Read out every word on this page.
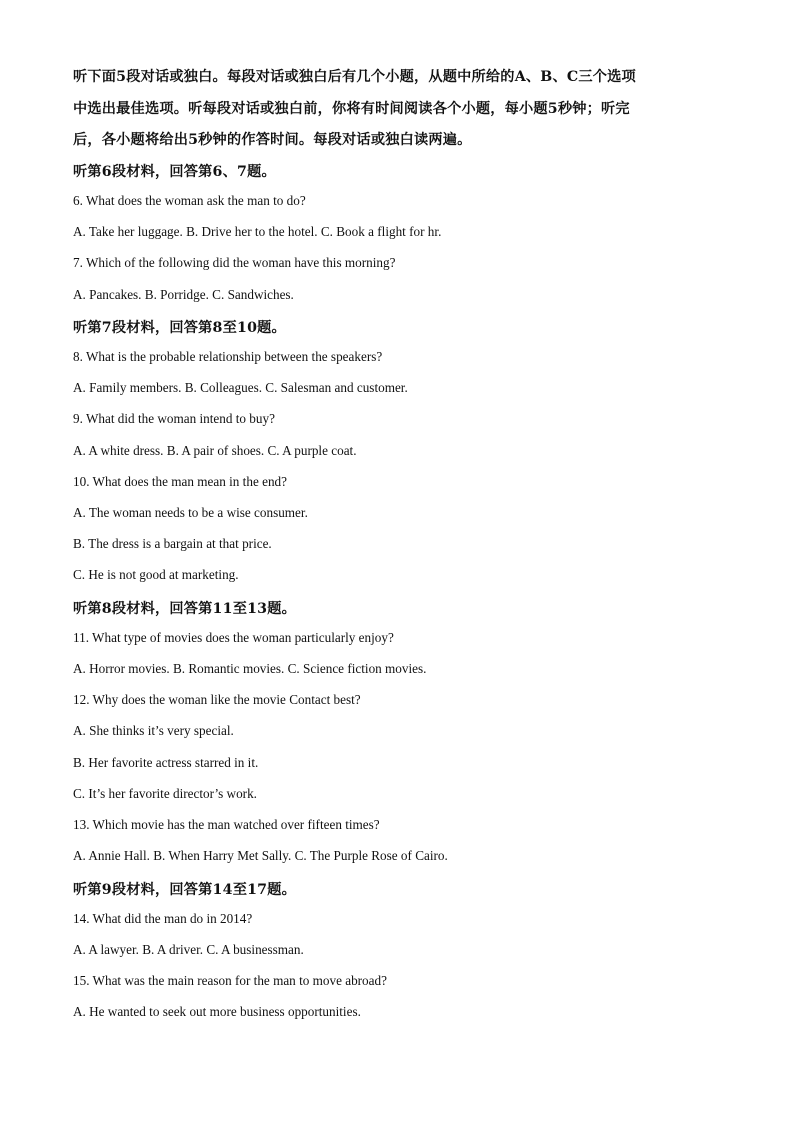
听下面5段对话或独白。每段对话或独白后有几个小题，从题中所给的A、B、C三个选项
中选出最佳选项。听每段对话或独白前，你将有时间阅读各个小题，每小题5秒钟；听完
后，各小题将给出5秒钟的作答时间。每段对话或独白读两遍。
听第6段材料，回答第6、7题。
6. What does the woman ask the man to do?
A. Take her luggage. B. Drive her to the hotel. C. Book a flight for hr.
7. Which of the following did the woman have this morning?
A. Pancakes. B. Porridge. C. Sandwiches.
听第7段材料，回答第8至10题。
8. What is the probable relationship between the speakers?
A. Family members. B. Colleagues. C. Salesman and customer.
9. What did the woman intend to buy?
A. A white dress. B. A pair of shoes. C. A purple coat.
10. What does the man mean in the end?
A. The woman needs to be a wise consumer.
B. The dress is a bargain at that price.
C. He is not good at marketing.
听第8段材料，回答第11至13题。
11. What type of movies does the woman particularly enjoy?
A. Horror movies. B. Romantic movies. C. Science fiction movies.
12. Why does the woman like the movie Contact best?
A. She thinks it’s very special.
B. Her favorite actress starred in it.
C. It’s her favorite director’s work.
13. Which movie has the man watched over fifteen times?
A. Annie Hall. B. When Harry Met Sally. C. The Purple Rose of Cairo.
听第9段材料，回答第14至17题。
14. What did the man do in 2014?
A. A lawyer. B. A driver. C. A businessman.
15. What was the main reason for the man to move abroad?
A. He wanted to seek out more business opportunities.
